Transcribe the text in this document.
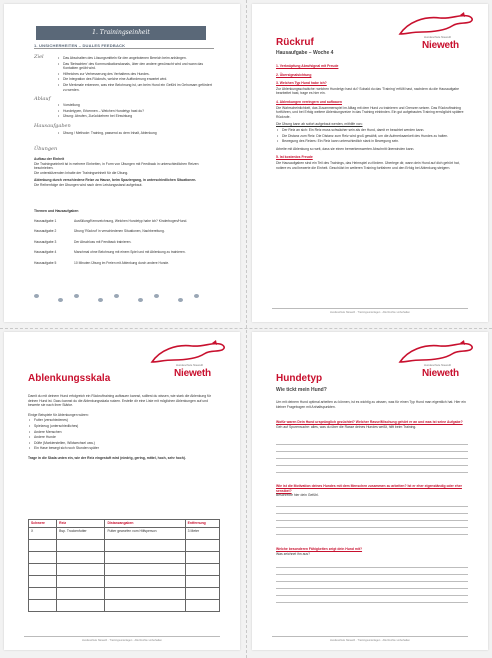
1. Trainingseinheit
1. UNSICHERHEITEN – DUALES FEEDBACK
Ziel	• Das Abschalten des Lösungsmitteln für den angebotenen Bereich beim anhängen.
• Das 'Betrachten' des Kommunikationskanals, über den andere gewünscht wird und wann das Kontakten geübt wird.
• Hilfreiches zur Verbesserung des Verhaltens des Hundes.
• Die Integration des Rückrufs, welche eine Aufforderung erwartet wird.
• Die Merkmale erkennen, was eine Belohnung ist, um beim Hund ein Gefühl im Gehorsam gefördert zu werden.
Ablauf
• Vorstellung
• Hundetypen, Erkennen – Welchen Hundetyp hast du?
• Übung: Abrufen, Zurückkehren bei Einwirkung
Hausaufgaben
• Übung / Methode: Training, passend zu dem Inhalt, Ablenkung
Übungen
Aufbau der Einheit

Die Trainingseinheit ist in mehrere Einheiten, in Form von Übungen mit Feedback in unterschiedlichen Reizen beschrieben.

Die unterstützenden Inhalte der Trainingseinheit für die Übung.

Ablenkung durch verschiedene Reize zu Hause, beim Spaziergang, in unterschiedlichen Situationen.

Die Reihenfolge der Übungen wird nach dem Leistungsstand aufgebaut.

Themen und Hausaufgaben
Hausaufgabe 1	Ausfüllung/Kennzeichnung, Welchen Hundetyp habe ich? Kinderbogen/Hund.
Hausaufgabe 2	Übung 'Rückruf' in verschiedenen Situationen, Nachbereitung.
Hausaufgabe 3	Der Abschluss mit Feedback trainieren.
Hausaufgabe 4	Manchmal ohne Belohnung mit einem Spiel und mit Ablenkung zu trainieren.
Hausaufgabe 5	10 Minuten Übung im Freien mit Ablenkung durch andere Hunde.
Hundeschule Nieweth
Nieweth
Rückruf
Hausaufgabe – Woche 4
1. Verknüpfung Abrufsignal mit Freude
2. Übersignalsichtung
3. Welchen Typ Hund habe ich?

Zur Ablenkungsschwäche: welchen Hundetyp hast du? Sobald du das 'Training' erfüllt hast, nachdem du die Hausaufgabe bearbeitet hast, trage es hier ein.

4. Ablenkungen verringern und aufbauen

Die Wahrscheinlichkeit, das Zusammenspiel im Alltag mit dem Hund zu trainieren und Grenzen setzen. Das Rückruftraining fortführen, und bei Erfolg weitere Ablenkungsreize in das Training einbinden. Ein gut aufgebautes Training ermöglicht spätere Rückrufe.

Die Übung kann ab sofort aufgebaut werden, mithilfe von:

• Der Reiz an sich: Ein Reiz muss schwächer sein als der Hund, damit er beachtet werden kann.
• Die Distanz zum Reiz: Die Distanz zum Reiz wird groß gewählt, um die Aufmerksamkeit des Hundes zu halten.
• Bewegung des Reizes: Ein Reiz kann unterschiedlich stark in Bewegung sein.

Arbeite mit Ablenkung so weit, dass sie einen bemerkenswerten Abschnitt überwinden kann.

5. Ist kostenlos Freude

Die Hausaufgaben sind ein Teil des Trainings, das Heimspiel zu fördern. Überlege dir, wann dein Hund auf dich gehört hat, notiere es und bewerte die Einheit. Geschützt im weiteren Training fortfahren und den Erfolg bei Ablenkung steigern.

Hundeschule Nieweth · Trainingsunterlagen · Alle Rechte vorbehalten
Hundeschule Nieweth
Nieweth
Ablenkungsskala

Damit du mit deinem Hund erfolgreich ein Rückruftraining aufbauen kannst, solltest du wissen, wie stark die Ablenkung für deinen Hund ist. Dazu kannst du die Ablenkungsskala nutzen. Erstelle dir eine Liste mit möglichen Ablenkungen auf und bewerte sie nach ihrer Stärke.

Einige Beispiele für Ablenkungen wären:

• Futter (verschiedenes)
• Spielzeug (unterschiedliches)
• Andere Menschen
• Andere Hunde
• Düfte (Markierstellen, Wildwechsel usw.)
• Ein Hase bewegt sich noch Stunden später

Trage in die Skala unten ein, wie der Reiz eingestuft wird (niedrig, gering, mittel, hoch, sehr hoch).

Schwere	Reiz	Distanzangaben	Entfernung
X	Bsp. Trockenfutter	Futter geworfen vom Hilfsperson	3 Meter

Hundeschule Nieweth · Trainingsunterlagen · Alle Rechte vorbehalten
Hundeschule Nieweth
Nieweth
Hundetyp
Wie tickt mein Hund?
Um mit deinem Hund optimal arbeiten zu können, ist es wichtig zu wissen, was für einen Typ Hund man eigentlich hat. Hier ein kleiner Fragebogen mit Anhaltspunkten.
Wofür waren Dein Hund ursprünglich gezüchtet? Welcher Rasse/Mischung gehört er an und was ist seine Aufgabe?

Geh auf Spurensuche: alles, was du über die Rasse deines Hundes weißt, hilft beim Training.

Wie ist die Motivation deines Hundes mit dem Menschen zusammen zu arbeiten? Ist er eher eigenständig oder eher sensibel?

Beschreibe hier dein Gefühl.

Welche besonderen Fähigkeiten zeigt dein Hund mit?

Was zeichnet ihn aus?

Hundeschule Nieweth · Trainingsunterlagen · Alle Rechte vorbehalten
